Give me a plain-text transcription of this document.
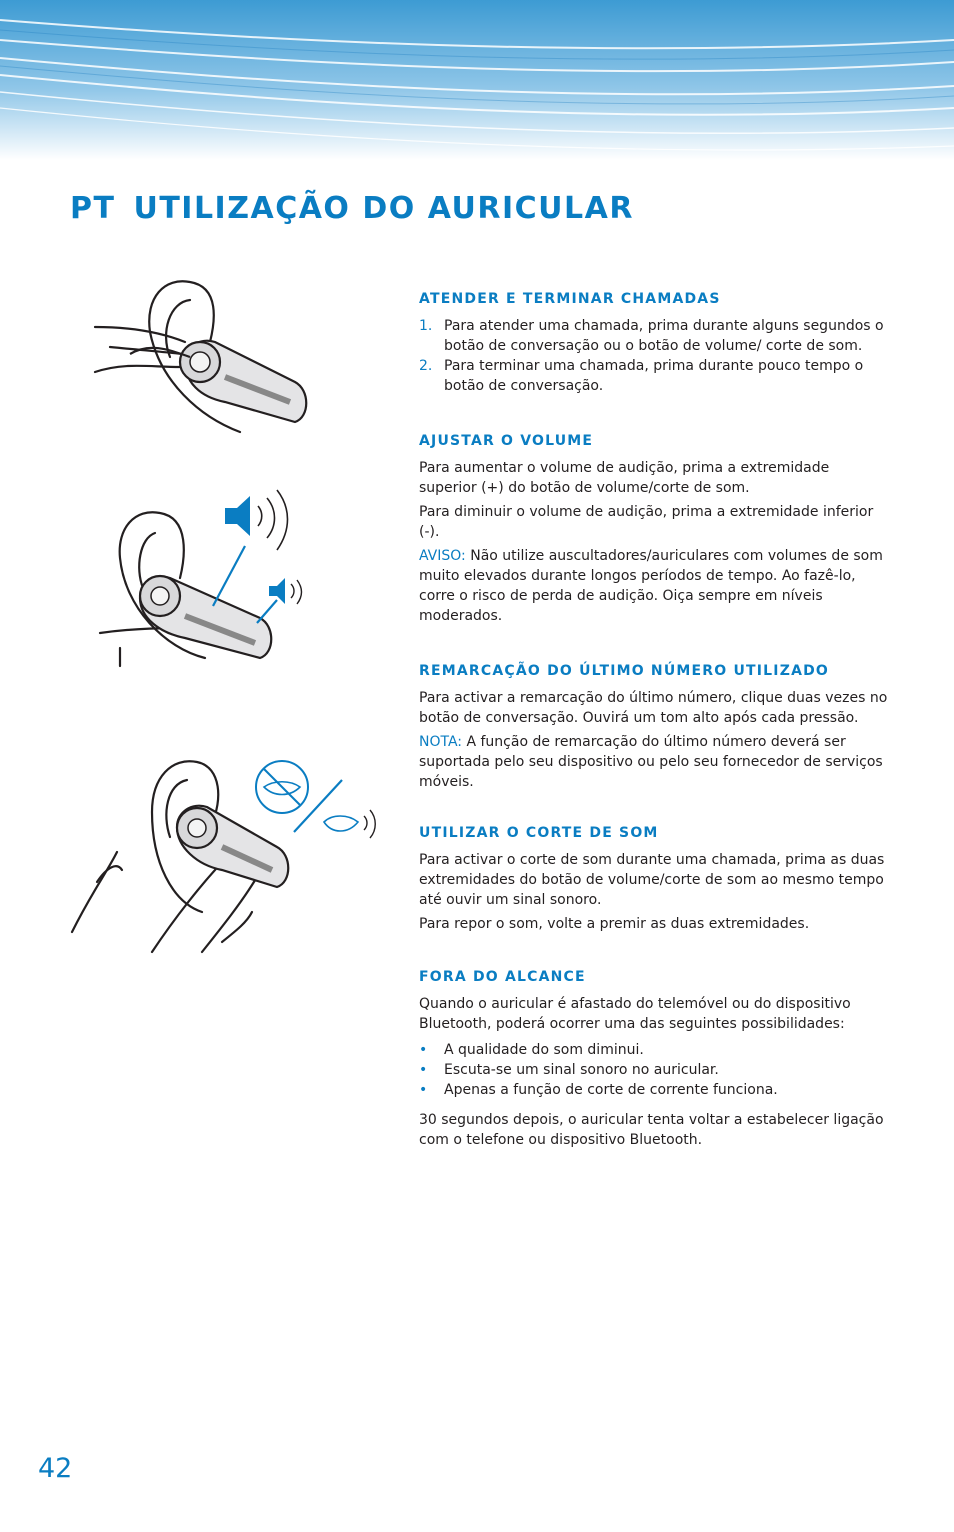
PT UTILIZAÇÃO DO AURICULAR
ATENDER E TERMINAR CHAMADAS
1. Para atender uma chamada, prima durante alguns segundos o botão de conversação ou o botão de volume/ corte de som.
2. Para terminar uma chamada, prima durante pouco tempo o botão de conversação.
AJUSTAR O VOLUME

Para aumentar o volume de audição, prima a extremidade superior (+) do botão de volume/corte de som.

Para diminuir o volume de audição, prima a extremidade inferior (-).

AVISO: Não utilize auscultadores/auriculares com volumes de som muito elevados durante longos períodos de tempo. Ao fazê-lo, corre o risco de perda de audição. Oiça sempre em níveis moderados.

REMARCAÇÃO DO ÚLTIMO NÚMERO UTILIZADO

Para activar a remarcação do último número, clique duas vezes no botão de conversação. Ouvirá um tom alto após cada pressão.

NOTA: A função de remarcação do último número deverá ser suportada pelo seu dispositivo ou pelo seu fornecedor de serviços móveis.

UTILIZAR O CORTE DE SOM

Para activar o corte de som durante uma chamada, prima as duas extremidades do botão de volume/corte de som ao mesmo tempo até ouvir um sinal sonoro.

Para repor o som, volte a premir as duas extremidades.

FORA DO ALCANCE

Quando o auricular é afastado do telemóvel ou do dispositivo Bluetooth, poderá ocorrer uma das seguintes possibilidades:

• A qualidade do som diminui.
• Escuta-se um sinal sonoro no auricular.
• Apenas a função de corte de corrente funciona.

30 segundos depois, o auricular tenta voltar a estabelecer ligação com o telefone ou dispositivo Bluetooth.

42
